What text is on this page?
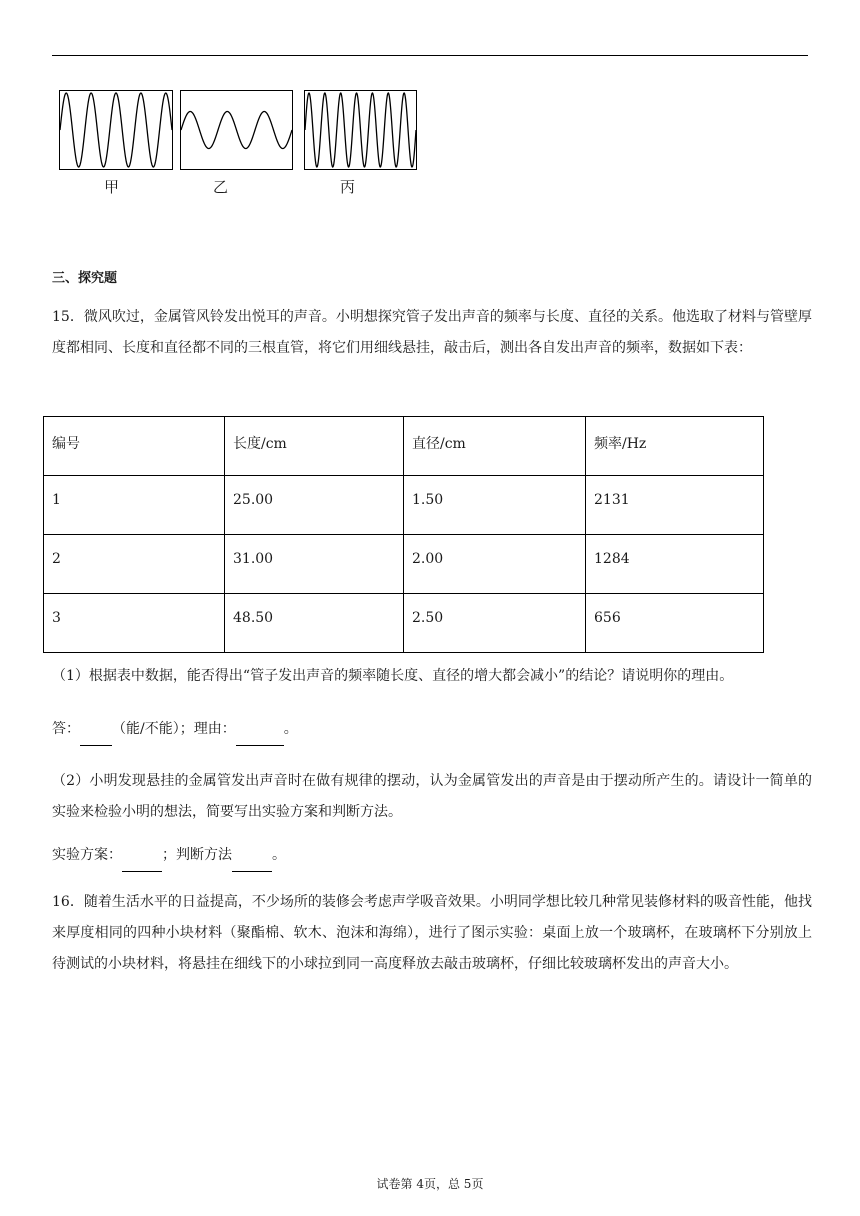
甲	乙	丙
三、探究题

15．微风吹过，金属管风铃发出悦耳的声音。小明想探究管子发出声音的频率与长度、直径的关系。他选取了材料与管壁厚度都相同、长度和直径都不同的三根直管，将它们用细线悬挂，敲击后，测出各自发出声音的频率，数据如下表：

编号	长度/cm	直径/cm	频率/Hz
1	25.00	1.50	2131
2	31.00	2.00	1284
3	48.50	2.50	656

（1）根据表中数据，能否得出“管子发出声音的频率随长度、直径的增大都会减小”的结论？请说明你的理由。

答： （能/不能）；理由：	。

（2）小明发现悬挂的金属管发出声音时在做有规律的摆动，认为金属管发出的声音是由于摆动所产生的。请设计一简单的实验来检验小明的想法，简要写出实验方案和判断方法。

实验方案：	；判断方法	。

16．随着生活水平的日益提高，不少场所的装修会考虑声学吸音效果。小明同学想比较几种常见装修材料的吸音性能，他找来厚度相同的四种小块材料（聚酯棉、软木、泡沫和海绵），进行了图示实验：桌面上放一个玻璃杯，在玻璃杯下分别放上待测试的小块材料，将悬挂在细线下的小球拉到同一高度释放去敲击玻璃杯，仔细比较玻璃杯发出的声音大小。

试卷第 4页，总 5页
